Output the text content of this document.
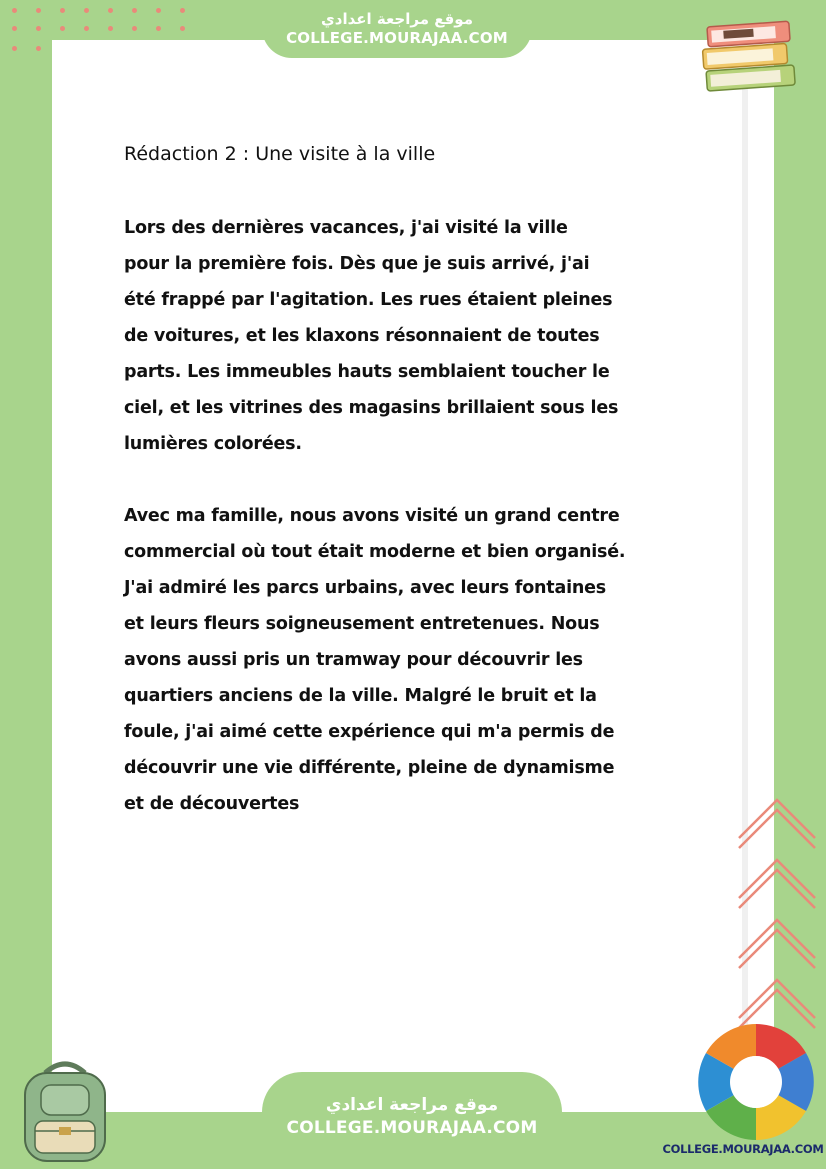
موقع مراجعة اعدادي
COLLEGE.MOURAJAA.COM
Rédaction 2 : Une visite à la ville

Lors des dernières vacances, j'ai visité la ville
pour la première fois. Dès que je suis arrivé, j'ai
été frappé par l'agitation. Les rues étaient pleines
de voitures, et les klaxons résonnaient de toutes
parts. Les immeubles hauts semblaient toucher le
ciel, et les vitrines des magasins brillaient sous les
lumières colorées.

Avec ma famille, nous avons visité un grand centre
commercial où tout était moderne et bien organisé.
J'ai admiré les parcs urbains, avec leurs fontaines
et leurs fleurs soigneusement entretenues. Nous
avons aussi pris un tramway pour découvrir les
quartiers anciens de la ville. Malgré le bruit et la
foule, j'ai aimé cette expérience qui m'a permis de
découvrir une vie différente, pleine de dynamisme
et de découvertes

موقع مراجعة اعدادي
COLLEGE.MOURAJAA.COM
COLLEGE.MOURAJAA.COM
